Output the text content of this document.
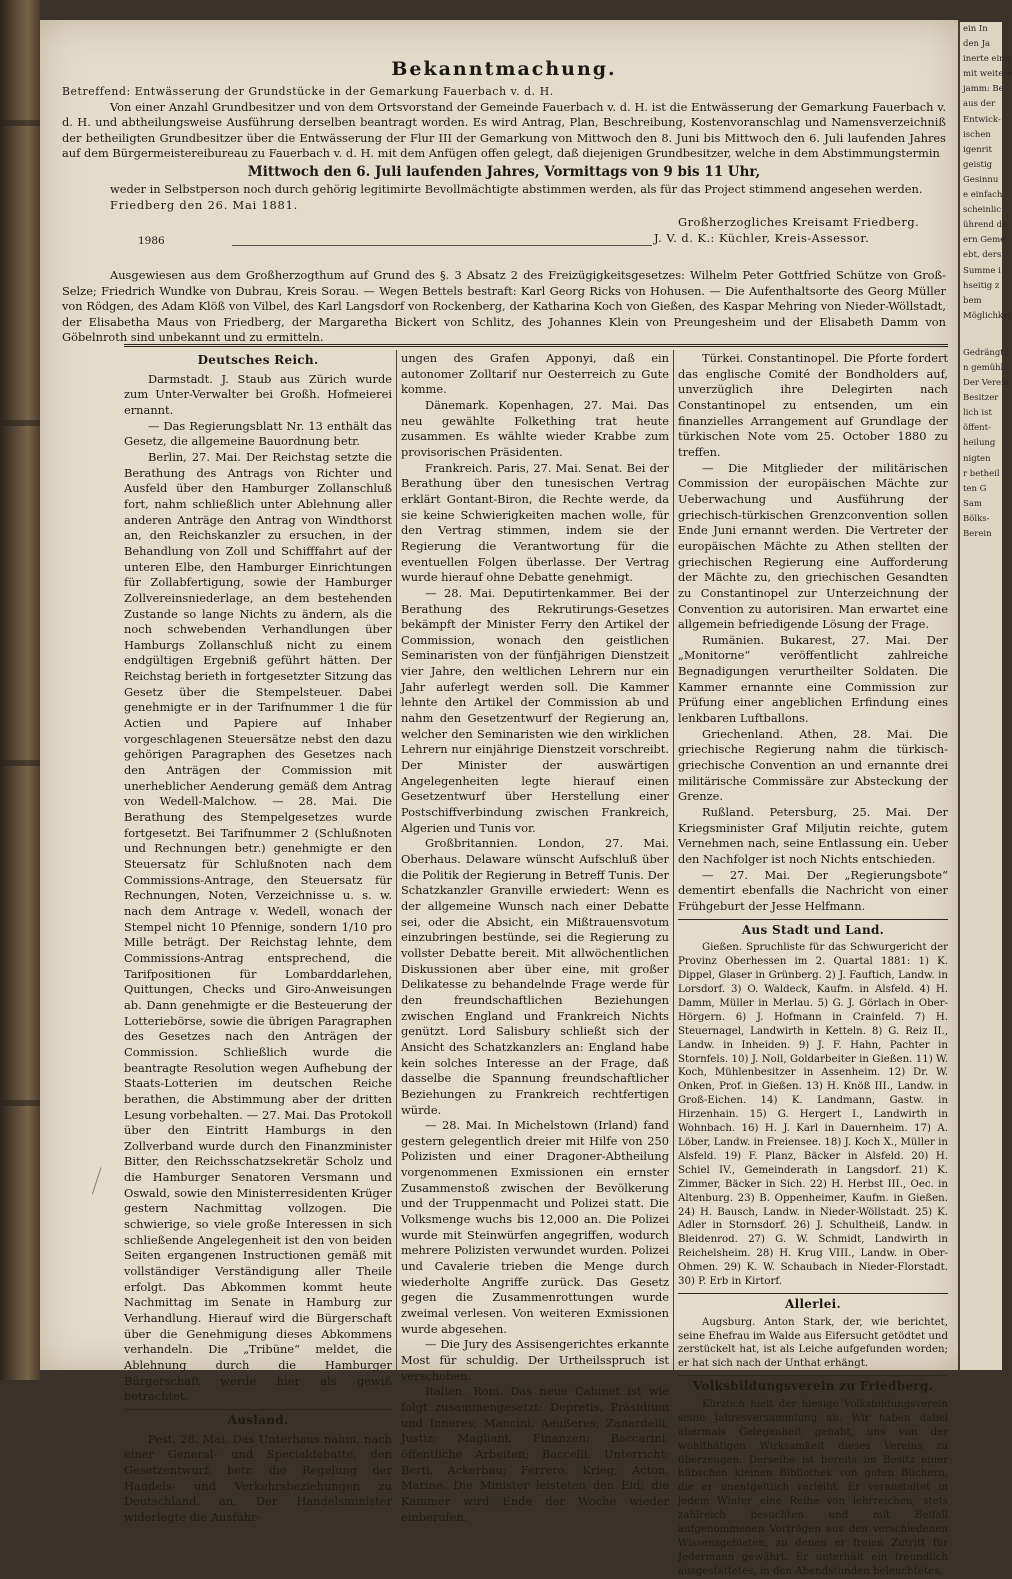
ein In
den Ja
inerte eine
mit weitere
jamm: Be-
aus der
Entwick-
ischen
igenrit
geistig
Gesinnu
e einfach
scheinlic
ührend de
ern Geme
ebt, ders
Summe i
hseitig z
bem
Möglichkei
Gedrängt
n gemühl
Der Verein
Besitzer
lich ist
öffent-
heilung
nigten
r betheil
ten G
Sam
Bölks-
Berein
Bekanntmachung.

Betreffend: Entwässerung der Grundstücke in der Gemarkung Fauerbach v. d. H.

Von einer Anzahl Grundbesitzer und von dem Ortsvorstand der Gemeinde Fauerbach v. d. H. ist die Entwässerung der Gemarkung Fauerbach v. d. H. und abtheilungsweise Ausführung derselben beantragt worden. Es wird Antrag, Plan, Beschreibung, Kostenvoranschlag und Namensverzeichniß der betheiligten Grundbesitzer über die Entwässerung der Flur III der Gemarkung von Mittwoch den 8. Juni bis Mittwoch den 6. Juli laufenden Jahres auf dem Bürgermeistereibureau zu Fauerbach v. d. H. mit dem Anfügen offen gelegt, daß diejenigen Grundbesitzer, welche in dem Abstimmungstermin

Mittwoch den 6. Juli laufenden Jahres, Vormittags von 9 bis 11 Uhr,

weder in Selbstperson noch durch gehörig legitimirte Bevollmächtigte abstimmen werden, als für das Project stimmend angesehen werden.

Friedberg den 26. Mai 1881.

1986
Großherzogliches Kreisamt Friedberg.
J. V. d. K.: Küchler, Kreis-Assessor.
Ausgewiesen aus dem Großherzogthum auf Grund des §. 3 Absatz 2 des Freizügigkeitsgesetzes: Wilhelm Peter Gottfried Schütze von Groß-Selze; Friedrich Wundke von Dubrau, Kreis Sorau. — Wegen Bettels bestraft: Karl Georg Ricks von Hohusen. — Die Aufenthaltsorte des Georg Müller von Rödgen, des Adam Klöß von Vilbel, des Karl Langsdorf von Rockenberg, der Katharina Koch von Gießen, des Kaspar Mehring von Nieder-Wöllstadt, der Elisabetha Maus von Friedberg, der Margaretha Bickert von Schlitz, des Johannes Klein von Preungesheim und der Elisabeth Damm von Göbelnroth sind unbekannt und zu ermitteln.
Deutsches Reich.

Darmstadt. J. Staub aus Zürich wurde zum Unter-Verwalter bei Großh. Hofmeierei ernannt.

— Das Regierungsblatt Nr. 13 enthält das Gesetz, die allgemeine Bauordnung betr.

Berlin, 27. Mai. Der Reichstag setzte die Berathung des Antrags von Richter und Ausfeld über den Hamburger Zollanschluß fort, nahm schließlich unter Ablehnung aller anderen Anträge den Antrag von Windthorst an, den Reichskanzler zu ersuchen, in der Behandlung von Zoll und Schifffahrt auf der unteren Elbe, den Hamburger Einrichtungen für Zollabfertigung, sowie der Hamburger Zollvereinsniederlage, an dem bestehenden Zustande so lange Nichts zu ändern, als die noch schwebenden Verhandlungen über Hamburgs Zollanschluß nicht zu einem endgültigen Ergebniß geführt hätten. Der Reichstag berieth in fortgesetzter Sitzung das Gesetz über die Stempelsteuer. Dabei genehmigte er in der Tarifnummer 1 die für Actien und Papiere auf Inhaber vorgeschlagenen Steuersätze nebst den dazu gehörigen Paragraphen des Gesetzes nach den Anträgen der Commission mit unerheblicher Aenderung gemäß dem Antrag von Wedell-Malchow. — 28. Mai. Die Berathung des Stempelgesetzes wurde fortgesetzt. Bei Tarifnummer 2 (Schlußnoten und Rechnungen betr.) genehmigte er den Steuersatz für Schlußnoten nach dem Commissions-Antrage, den Steuersatz für Rechnungen, Noten, Verzeichnisse u. s. w. nach dem Antrage v. Wedell, wonach der Stempel nicht 10 Pfennige, sondern 1/10 pro Mille beträgt. Der Reichstag lehnte, dem Commissions-Antrag entsprechend, die Tarifpositionen für Lombarddarlehen, Quittungen, Checks und Giro-Anweisungen ab. Dann genehmigte er die Besteuerung der Lotteriebörse, sowie die übrigen Paragraphen des Gesetzes nach den Anträgen der Commission. Schließlich wurde die beantragte Resolution wegen Aufhebung der Staats-Lotterien im deutschen Reiche berathen, die Abstimmung aber der dritten Lesung vorbehalten. — 27. Mai. Das Protokoll über den Eintritt Hamburgs in den Zollverband wurde durch den Finanzminister Bitter, den Reichsschatzsekretär Scholz und die Hamburger Senatoren Versmann und Oswald, sowie den Ministerresidenten Krüger gestern Nachmittag vollzogen. Die schwierige, so viele große Interessen in sich schließende Angelegenheit ist den von beiden Seiten ergangenen Instructionen gemäß mit vollständiger Verständigung aller Theile erfolgt. Das Abkommen kommt heute Nachmittag im Senate in Hamburg zur Verhandlung. Hierauf wird die Bürgerschaft über die Genehmigung dieses Abkommens verhandeln. Die „Tribüne“ meldet, die Ablehnung durch die Hamburger Bürgerschaft werde hier als gewiß betrachtet.

Ausland.

Pest, 28. Mai. Das Unterhaus nahm, nach einer General- und Specialdebatte, den Gesetzentwurf, betr. die Regelung der Handels- und Verkehrsbeziehungen zu Deutschland, an. Der Handelsminister widerlegte die Ausführ-

ungen des Grafen Apponyi, daß ein autonomer Zolltarif nur Oesterreich zu Gute komme.

Dänemark. Kopenhagen, 27. Mai. Das neu gewählte Folkething trat heute zusammen. Es wählte wieder Krabbe zum provisorischen Präsidenten.

Frankreich. Paris, 27. Mai. Senat. Bei der Berathung über den tunesischen Vertrag erklärt Gontant-Biron, die Rechte werde, da sie keine Schwierigkeiten machen wolle, für den Vertrag stimmen, indem sie der Regierung die Verantwortung für die eventuellen Folgen überlasse. Der Vertrag wurde hierauf ohne Debatte genehmigt.

— 28. Mai. Deputirtenkammer. Bei der Berathung des Rekrutirungs-Gesetzes bekämpft der Minister Ferry den Artikel der Commission, wonach den geistlichen Seminaristen von der fünfjährigen Dienstzeit vier Jahre, den weltlichen Lehrern nur ein Jahr auferlegt werden soll. Die Kammer lehnte den Artikel der Commission ab und nahm den Gesetzentwurf der Regierung an, welcher den Seminaristen wie den wirklichen Lehrern nur einjährige Dienstzeit vorschreibt. Der Minister der auswärtigen Angelegenheiten legte hierauf einen Gesetzentwurf über Herstellung einer Postschiffverbindung zwischen Frankreich, Algerien und Tunis vor.

Großbritannien. London, 27. Mai. Oberhaus. Delaware wünscht Aufschluß über die Politik der Regierung in Betreff Tunis. Der Schatzkanzler Granville erwiedert: Wenn es der allgemeine Wunsch nach einer Debatte sei, oder die Absicht, ein Mißtrauensvotum einzubringen bestünde, sei die Regierung zu vollster Debatte bereit. Mit allwöchentlichen Diskussionen aber über eine, mit großer Delikatesse zu behandelnde Frage werde für den freundschaftlichen Beziehungen zwischen England und Frankreich Nichts genützt. Lord Salisbury schließt sich der Ansicht des Schatzkanzlers an: England habe kein solches Interesse an der Frage, daß dasselbe die Spannung freundschaftlicher Beziehungen zu Frankreich rechtfertigen würde.

— 28. Mai. In Michelstown (Irland) fand gestern gelegentlich dreier mit Hilfe von 250 Polizisten und einer Dragoner-Abtheilung vorgenommenen Exmissionen ein ernster Zusammenstoß zwischen der Bevölkerung und der Truppenmacht und Polizei statt. Die Volksmenge wuchs bis 12,000 an. Die Polizei wurde mit Steinwürfen angegriffen, wodurch mehrere Polizisten verwundet wurden. Polizei und Cavalerie trieben die Menge durch wiederholte Angriffe zurück. Das Gesetz gegen die Zusammenrottungen wurde zweimal verlesen. Von weiteren Exmissionen wurde abgesehen.

— Die Jury des Assisengerichtes erkannte Most für schuldig. Der Urtheilsspruch ist verschoben.

Italien. Rom. Das neue Cabinet ist wie folgt zusammengesetzt: Depretis, Präsidium und Inneres; Mancini, Aeußeres; Zanardelli, Justiz; Magliani, Finanzen; Baccarini, öffentliche Arbeiten; Baccelli, Unterricht; Berti, Ackerbau; Ferrero, Krieg; Acton, Marine. Die Minister leisteten den Eid; die Kammer wird Ende der Woche wieder einberufen.

Türkei. Constantinopel. Die Pforte fordert das englische Comité der Bondholders auf, unverzüglich ihre Delegirten nach Constantinopel zu entsenden, um ein finanzielles Arrangement auf Grundlage der türkischen Note vom 25. October 1880 zu treffen.

— Die Mitglieder der militärischen Commission der europäischen Mächte zur Ueberwachung und Ausführung der griechisch-türkischen Grenzconvention sollen Ende Juni ernannt werden. Die Vertreter der europäischen Mächte zu Athen stellten der griechischen Regierung eine Aufforderung der Mächte zu, den griechischen Gesandten zu Constantinopel zur Unterzeichnung der Convention zu autorisiren. Man erwartet eine allgemein befriedigende Lösung der Frage.

Rumänien. Bukarest, 27. Mai. Der „Monitorne“ veröffentlicht zahlreiche Begnadigungen verurtheilter Soldaten. Die Kammer ernannte eine Commission zur Prüfung einer angeblichen Erfindung eines lenkbaren Luftballons.

Griechenland. Athen, 28. Mai. Die griechische Regierung nahm die türkisch-griechische Convention an und ernannte drei militärische Commissäre zur Absteckung der Grenze.

Rußland. Petersburg, 25. Mai. Der Kriegsminister Graf Miljutin reichte, gutem Vernehmen nach, seine Entlassung ein. Ueber den Nachfolger ist noch Nichts entschieden.

— 27. Mai. Der „Regierungsbote“ dementirt ebenfalls die Nachricht von einer Frühgeburt der Jesse Helfmann.

Aus Stadt und Land.

Gießen. Spruchliste für das Schwurgericht der Provinz Oberhessen im 2. Quartal 1881: 1) K. Dippel, Glaser in Grünberg. 2) J. Fauftich, Landw. in Lorsdorf. 3) O. Waldeck, Kaufm. in Alsfeld. 4) H. Damm, Müller in Merlau. 5) G. J. Görlach in Ober-Hörgern. 6) J. Hofmann in Crainfeld. 7) H. Steuernagel, Landwirth in Ketteln. 8) G. Reiz II., Landw. in Inheiden. 9) J. F. Hahn, Pachter in Stornfels. 10) J. Noll, Goldarbeiter in Gießen. 11) W. Koch, Mühlenbesitzer in Assenheim. 12) Dr. W. Onken, Prof. in Gießen. 13) H. Knöß III., Landw. in Groß-Eichen. 14) K. Landmann, Gastw. in Hirzenhain. 15) G. Hergert I., Landwirth in Wohnbach. 16) H. J. Karl in Dauernheim. 17) A. Löber, Landw. in Freiensee. 18) J. Koch X., Müller in Alsfeld. 19) F. Planz, Bäcker in Alsfeld. 20) H. Schiel IV., Gemeinderath in Langsdorf. 21) K. Zimmer, Bäcker in Sich. 22) H. Herbst III., Oec. in Altenburg. 23) B. Oppenheimer, Kaufm. in Gießen. 24) H. Bausch, Landw. in Nieder-Wöllstadt. 25) K. Adler in Stornsdorf. 26) J. Schultheiß, Landw. in Bleidenrod. 27) G. W. Schmidt, Landwirth in Reichelsheim. 28) H. Krug VIII., Landw. in Ober-Ohmen. 29) K. W. Schaubach in Nieder-Florstadt. 30) P. Erb in Kirtorf.

Allerlei.

Augsburg. Anton Stark, der, wie berichtet, seine Ehefrau im Walde aus Eifersucht getödtet und zerstückelt hat, ist als Leiche aufgefunden worden; er hat sich nach der Unthat erhängt.

Volksbildungsverein zu Friedberg.

Kürzlich hielt der hiesige Volksbildungsverein seine Jahresversammlung ab. Wir haben dabei abermals Gelegenheit gehabt, uns von der wohlthätigen Wirksamkeit dieses Vereins zu überzeugen. Derselbe ist bereits im Besitz einer hübschen kleinen Bibliothek von guten Büchern, die er unentgeltlich verleiht. Er veranstaltet in jedem Winter eine Reihe von lehrreichen, stets zahlreich besuchten und mit Beifall aufgenommenen Vorträgen aus den verschiedenen Wissensgebieten, zu denen er freien Zutritt für Jedermann gewährt. Er unterhält ein freundlich ausgestattetes, in den Abendstunden beleuchtetes,
